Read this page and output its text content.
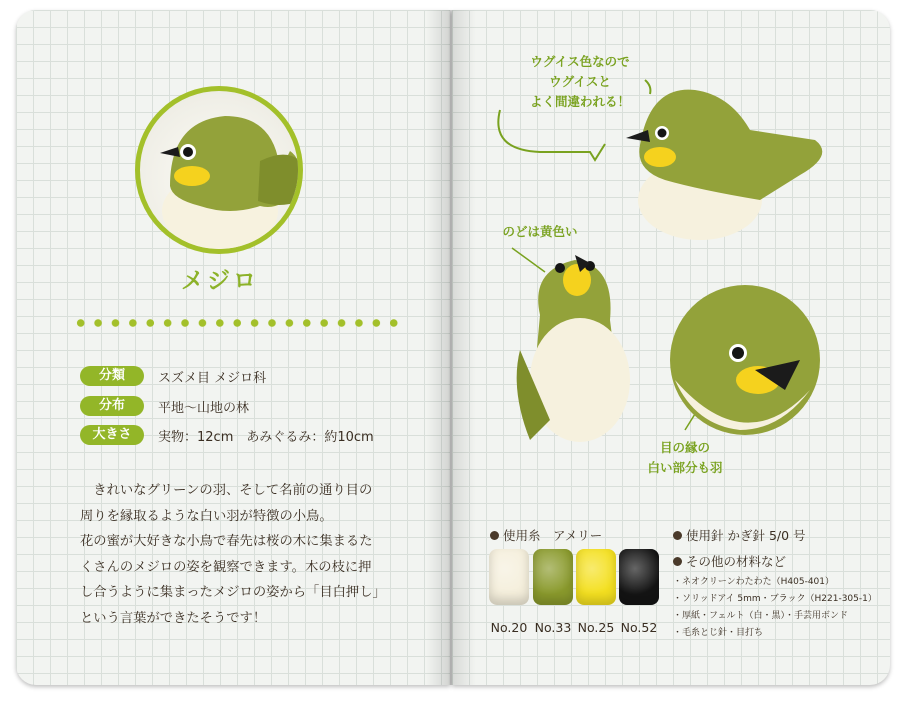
メジロ
分類	スズメ目 メジロ科
分布	平地〜山地の林
大きさ	実物：12cm　あみぐるみ：約10cm

　きれいなグリーンの羽、そして名前の通り目の

周りを縁取るような白い羽が特徴の小鳥。

花の蜜が大好きな小鳥で春先は桜の木に集まるた

くさんのメジロの姿を観察できます。木の枝に押

し合うように集まったメジロの姿から「目白押し」

という言葉ができたそうです！

ウグイス色なので
ウグイスと
よく間違われる！
のどは黄色い
目の縁の
白い部分も羽
使用糸　アメリー
No.20 No.33 No.25 No.52
使用針 かぎ針 5/0 号
その他の材料など
・ネオクリーンわたわた（H405-401）
・ソリッドアイ 5mm・ブラック（H221-305-1）
・厚紙・フェルト（白・黒）・手芸用ボンド
・毛糸とじ針・目打ち
